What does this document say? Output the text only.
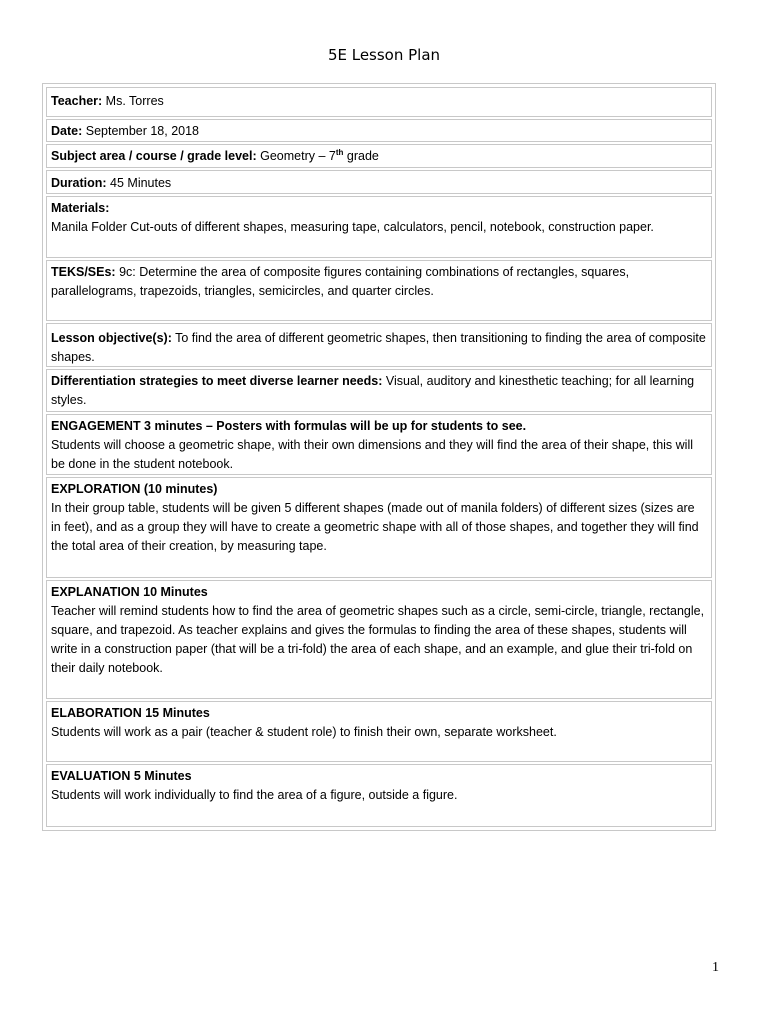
5E Lesson Plan
Teacher: Ms. Torres
Date: September 18, 2018
Subject area / course / grade level: Geometry – 7th grade
Duration: 45 Minutes
Materials:
Manila Folder Cut-outs of different shapes, measuring tape, calculators, pencil, notebook, construction paper.
TEKS/SEs: 9c: Determine the area of composite figures containing combinations of rectangles, squares, parallelograms, trapezoids, triangles, semicircles, and quarter circles.
Lesson objective(s): To find the area of different geometric shapes, then transitioning to finding the area of composite shapes.
Differentiation strategies to meet diverse learner needs: Visual, auditory and kinesthetic teaching; for all learning styles.
ENGAGEMENT 3 minutes – Posters with formulas will be up for students to see.
Students will choose a geometric shape, with their own dimensions and they will find the area of their shape, this will be done in the student notebook.
EXPLORATION (10 minutes)
In their group table, students will be given 5 different shapes (made out of manila folders) of different sizes (sizes are in feet), and as a group they will have to create a geometric shape with all of those shapes, and together they will find the total area of their creation, by measuring tape.
EXPLANATION 10 Minutes
Teacher will remind students how to find the area of geometric shapes such as a circle, semi-circle, triangle, rectangle, square, and trapezoid. As teacher explains and gives the formulas to finding the area of these shapes, students will write in a construction paper (that will be a tri-fold) the area of each shape, and an example, and glue their tri-fold on their daily notebook.
ELABORATION 15 Minutes
Students will work as a pair (teacher & student role) to finish their own, separate worksheet.
EVALUATION 5 Minutes
Students will work individually to find the area of a figure, outside a figure.
1
